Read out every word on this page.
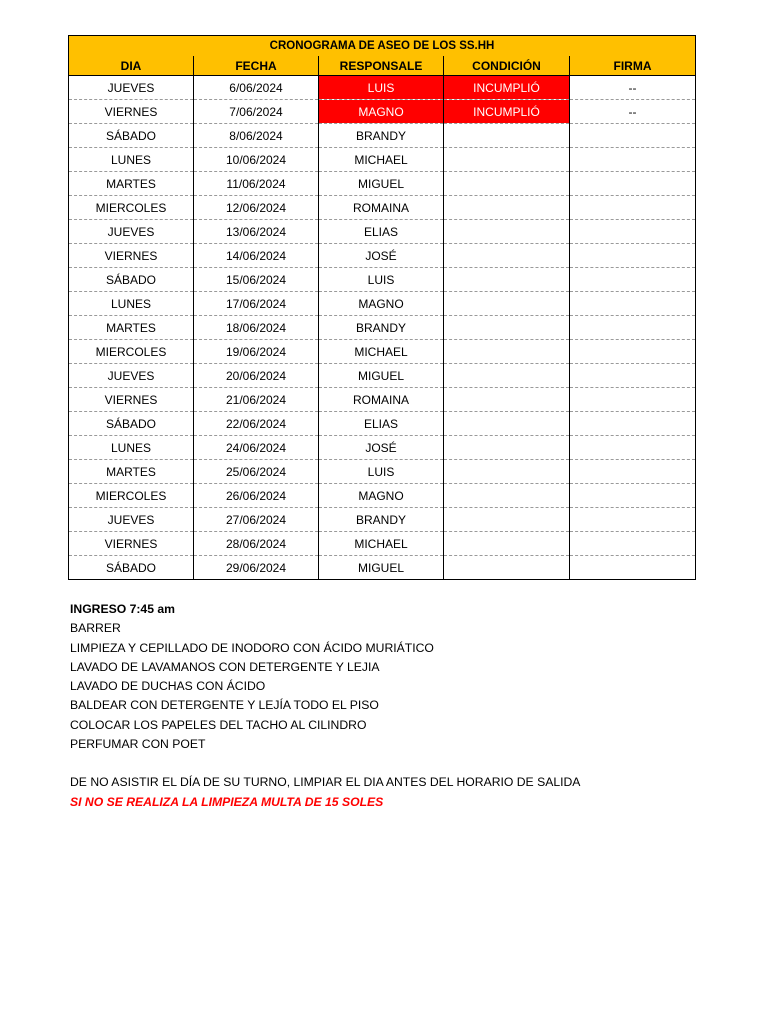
CRONOGRAMA DE ASEO DE LOS SS.HH				
DIA	FECHA	RESPONSALE	CONDICIÓN	FIRMA
JUEVES	6/06/2024	LUIS	INCUMPLIÓ	--
VIERNES	7/06/2024	MAGNO	INCUMPLIÓ	--
SÁBADO	8/06/2024	BRANDY		
LUNES	10/06/2024	MICHAEL		
MARTES	11/06/2024	MIGUEL		
MIERCOLES	12/06/2024	ROMAINA		
JUEVES	13/06/2024	ELIAS		
VIERNES	14/06/2024	JOSÉ		
SÁBADO	15/06/2024	LUIS		
LUNES	17/06/2024	MAGNO		
MARTES	18/06/2024	BRANDY		
MIERCOLES	19/06/2024	MICHAEL		
JUEVES	20/06/2024	MIGUEL		
VIERNES	21/06/2024	ROMAINA		
SÁBADO	22/06/2024	ELIAS		
LUNES	24/06/2024	JOSÉ		
MARTES	25/06/2024	LUIS		
MIERCOLES	26/06/2024	MAGNO		
JUEVES	27/06/2024	BRANDY		
VIERNES	28/06/2024	MICHAEL		
SÁBADO	29/06/2024	MIGUEL		
INGRESO 7:45 am
BARRER
LIMPIEZA Y CEPILLADO DE INODORO CON ÁCIDO MURIÁTICO
LAVADO DE LAVAMANOS CON DETERGENTE Y LEJIA
LAVADO DE DUCHAS CON ÁCIDO
BALDEAR CON DETERGENTE Y LEJÍA TODO EL PISO
COLOCAR LOS PAPELES DEL TACHO AL CILINDRO
PERFUMAR CON POET
DE NO ASISTIR EL DÍA DE SU TURNO, LIMPIAR EL DIA ANTES DEL HORARIO DE SALIDA
SI NO SE REALIZA LA LIMPIEZA MULTA DE 15 SOLES
